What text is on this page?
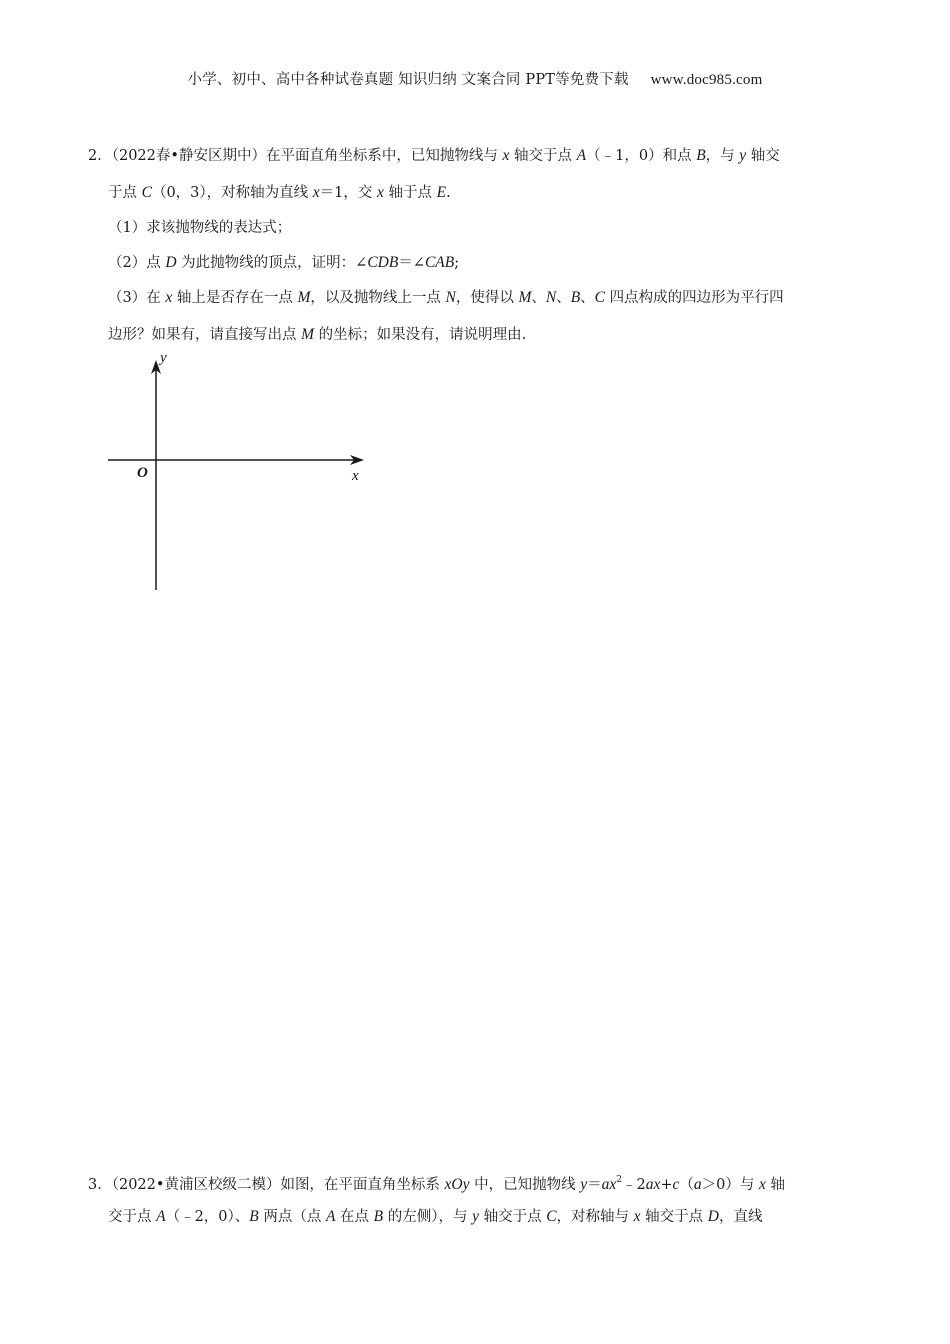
小学、初中、高中各种试卷真题 知识归纳 文案合同 PPT等免费下载 www.doc985.com
2．（2022春•静安区期中）在平面直角坐标系中，已知抛物线与 x 轴交于点 A（﹣1，0）和点 B，与 y 轴交
于点 C（0，3），对称轴为直线 x＝1，交 x 轴于点 E.
（1）求该抛物线的表达式；
（2）点 D 为此抛物线的顶点，证明：∠CDB＝∠CAB;
（3）在 x 轴上是否存在一点 M，以及抛物线上一点 N，使得以 M、N、B、C 四点构成的四边形为平行四
边形？如果有，请直接写出点 M 的坐标；如果没有，请说明理由.
y
x
O
3．（2022•黄浦区校级二模）如图，在平面直角坐标系 xOy 中，已知抛物线 $y=ax^2﹣2ax+c(a>0)$与 x 轴
交于点 A（﹣2，0）、B 两点（点 A 在点 B 的左侧），与 y 轴交于点 C，对称轴与 x 轴交于点 D，直线
